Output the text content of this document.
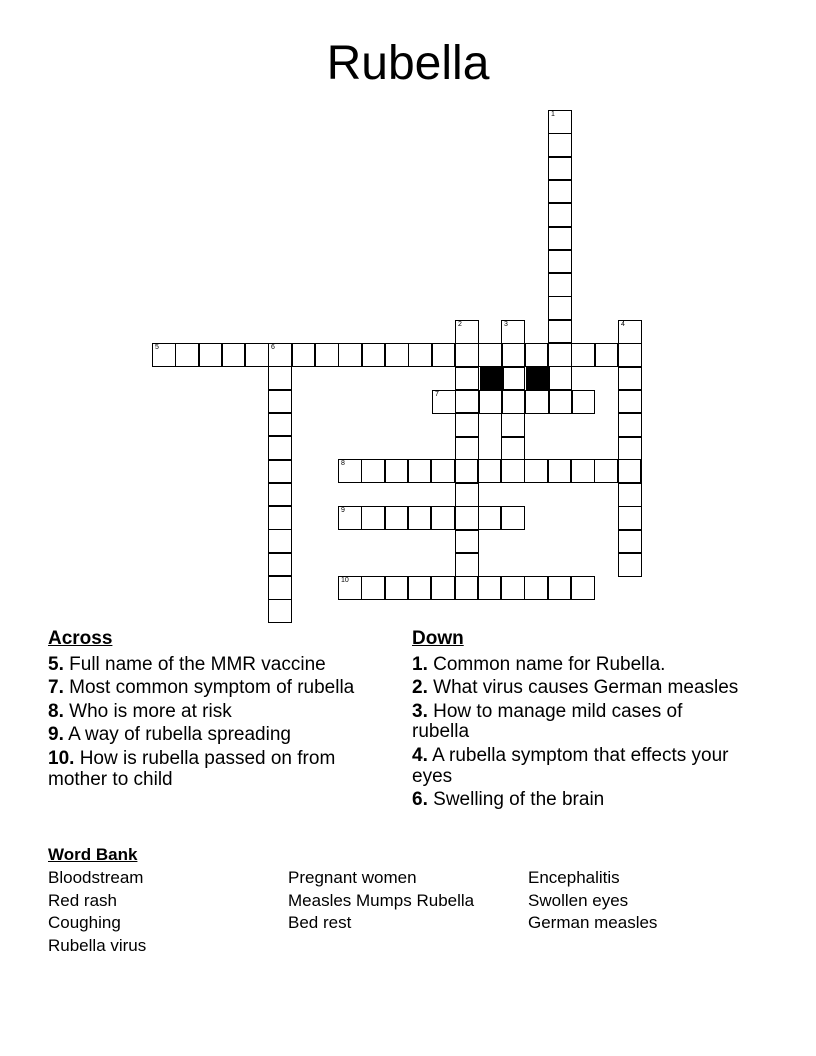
Rubella
1
2	3	4
5	6
7
8
9
10
Across
5. Full name of the MMR vaccine
7. Most common symptom of rubella
8. Who is more at risk
9. A way of rubella spreading
10. How is rubella passed on from mother to child
Down
1. Common name for Rubella.
2. What virus causes German measles
3. How to manage mild cases of rubella
4. A rubella symptom that effects your eyes
6. Swelling of the brain
Word Bank
Bloodstream
Red rash
Coughing
Rubella virus
Pregnant women
Measles Mumps Rubella
Bed rest
Encephalitis
Swollen eyes
German measles
